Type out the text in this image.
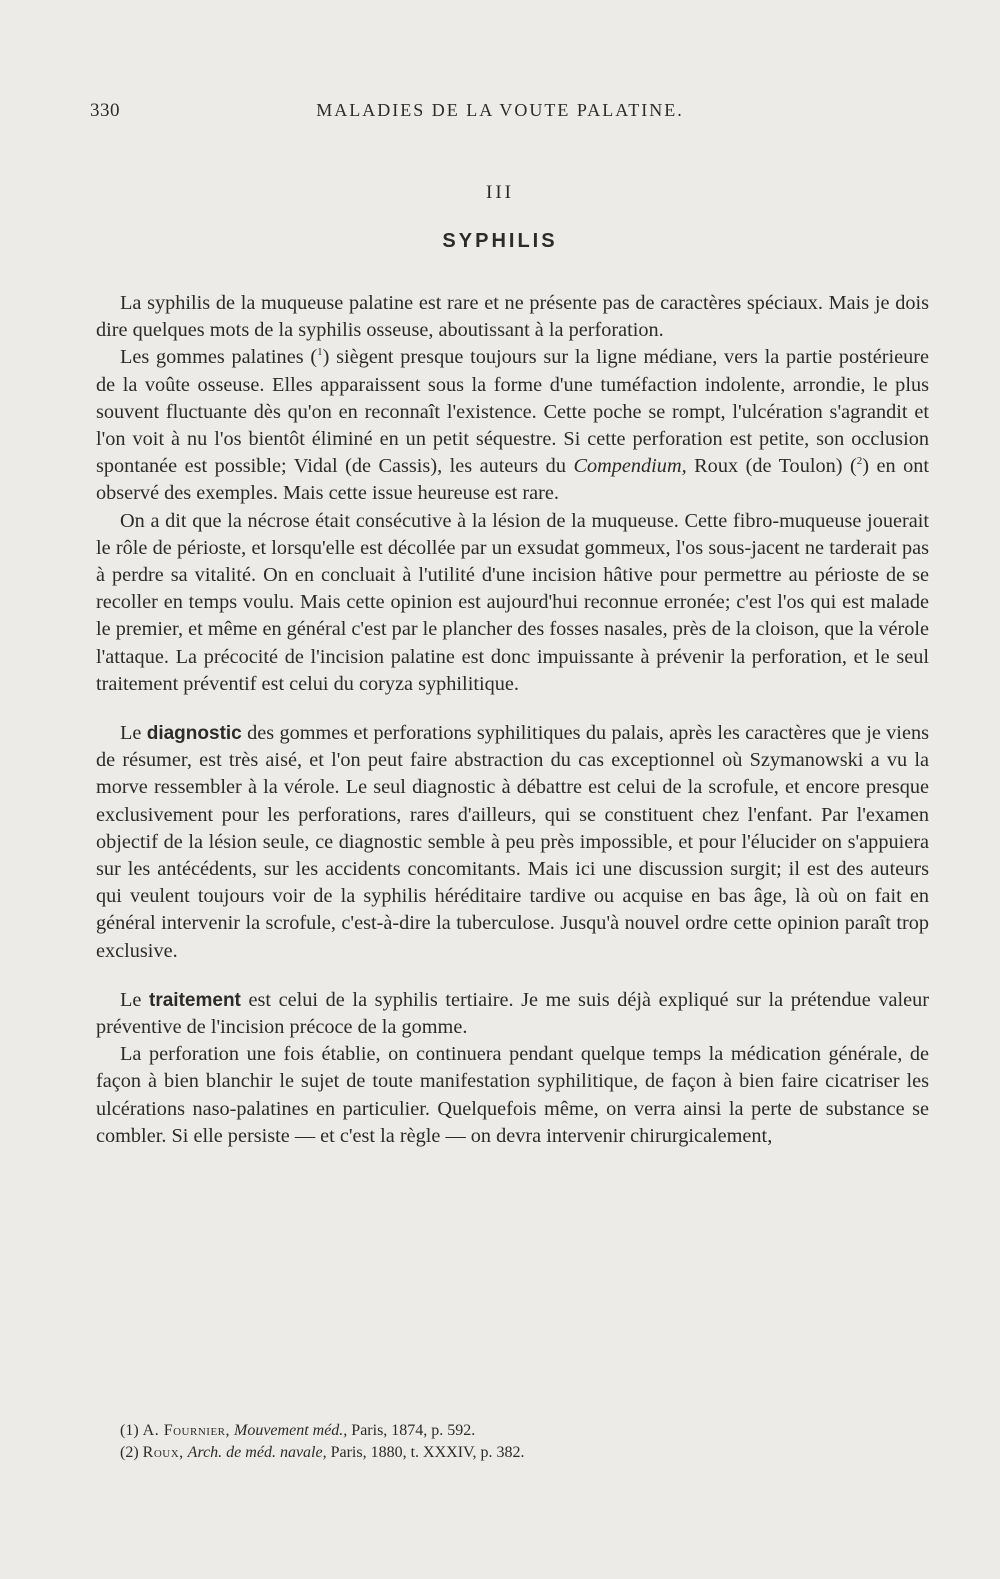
330	MALADIES DE LA VOUTE PALATINE.
III
SYPHILIS

La syphilis de la muqueuse palatine est rare et ne présente pas de caractères spéciaux. Mais je dois dire quelques mots de la syphilis osseuse, aboutissant à la perforation.

Les gommes palatines ($^1$) siègent presque toujours sur la ligne médiane, vers la partie postérieure de la voûte osseuse. Elles apparaissent sous la forme d'une tuméfaction indolente, arrondie, le plus souvent fluctuante dès qu'on en reconnaît l'existence. Cette poche se rompt, l'ulcération s'agrandit et l'on voit à nu l'os bientôt éliminé en un petit séquestre. Si cette perforation est petite, son occlusion spontanée est possible; Vidal (de Cassis), les auteurs du Compendium, Roux (de Toulon) ($^2$) en ont observé des exemples. Mais cette issue heureuse est rare.

On a dit que la nécrose était consécutive à la lésion de la muqueuse. Cette fibro-muqueuse jouerait le rôle de périoste, et lorsqu'elle est décollée par un exsudat gommeux, l'os sous-jacent ne tarderait pas à perdre sa vitalité. On en concluait à l'utilité d'une incision hâtive pour permettre au périoste de se recoller en temps voulu. Mais cette opinion est aujourd'hui reconnue erronée; c'est l'os qui est malade le premier, et même en général c'est par le plancher des fosses nasales, près de la cloison, que la vérole l'attaque. La précocité de l'incision palatine est donc impuissante à prévenir la perforation, et le seul traitement préventif est celui du coryza syphilitique.

Le diagnostic des gommes et perforations syphilitiques du palais, après les caractères que je viens de résumer, est très aisé, et l'on peut faire abstraction du cas exceptionnel où Szymanowski a vu la morve ressembler à la vérole. Le seul diagnostic à débattre est celui de la scrofule, et encore presque exclusivement pour les perforations, rares d'ailleurs, qui se constituent chez l'enfant. Par l'examen objectif de la lésion seule, ce diagnostic semble à peu près impossible, et pour l'élucider on s'appuiera sur les antécédents, sur les accidents concomitants. Mais ici une discussion surgit; il est des auteurs qui veulent toujours voir de la syphilis héréditaire tardive ou acquise en bas âge, là où on fait en général intervenir la scrofule, c'est-à-dire la tuberculose. Jusqu'à nouvel ordre cette opinion paraît trop exclusive.

Le traitement est celui de la syphilis tertiaire. Je me suis déjà expliqué sur la prétendue valeur préventive de l'incision précoce de la gomme.

La perforation une fois établie, on continuera pendant quelque temps la médication générale, de façon à bien blanchir le sujet de toute manifestation syphilitique, de façon à bien faire cicatriser les ulcérations naso-palatines en particulier. Quelquefois même, on verra ainsi la perte de substance se combler. Si elle persiste — et c'est la règle — on devra intervenir chirurgicalement,

(1) A. Fournier, Mouvement méd., Paris, 1874, p. 592.

(2) Roux, Arch. de méd. navale, Paris, 1880, t. XXXIV, p. 382.
